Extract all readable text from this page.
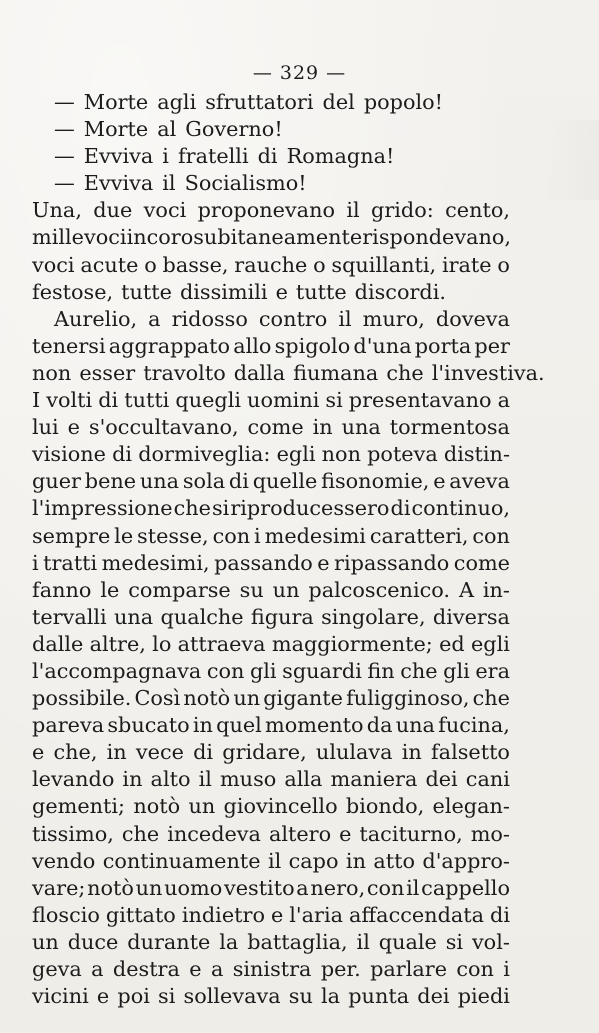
— 329 —
— Morte agli sfruttatori del popolo!
— Morte al Governo!
— Evviva i fratelli di Romagna!
— Evviva il Socialismo!
Una, due voci proponevano il grido: cento,
mille voci in coro subitaneamente rispondevano,
voci acute o basse, rauche o squillanti, irate o
festose, tutte dissimili e tutte discordi.
Aurelio, a ridosso contro il muro, doveva
tenersi aggrappato allo spigolo d'una porta per
non esser travolto dalla fiumana che l'investiva.
I volti di tutti quegli uomini si presentavano a
lui e s'occultavano, come in una tormentosa
visione di dormiveglia: egli non poteva distin-
guer bene una sola di quelle fisonomie, e aveva
l'impressione che si riproducessero di continuo,
sempre le stesse, con i medesimi caratteri, con
i tratti medesimi, passando e ripassando come
fanno le comparse su un palcoscenico. A in-
tervalli una qualche figura singolare, diversa
dalle altre, lo attraeva maggiormente; ed egli
l'accompagnava con gli sguardi fin che gli era
possibile. Così notò un gigante fuligginoso, che
pareva sbucato in quel momento da una fucina,
e che, in vece di gridare, ululava in falsetto
levando in alto il muso alla maniera dei cani
gementi; notò un giovincello biondo, elegan-
tissimo, che incedeva altero e taciturno, mo-
vendo continuamente il capo in atto d'appro-
vare; notò un uomo vestito a nero, con il cappello
floscio gittato indietro e l'aria affaccendata di
un duce durante la battaglia, il quale si vol-
geva a destra e a sinistra per. parlare con i
vicini e poi si sollevava su la punta dei piedi
